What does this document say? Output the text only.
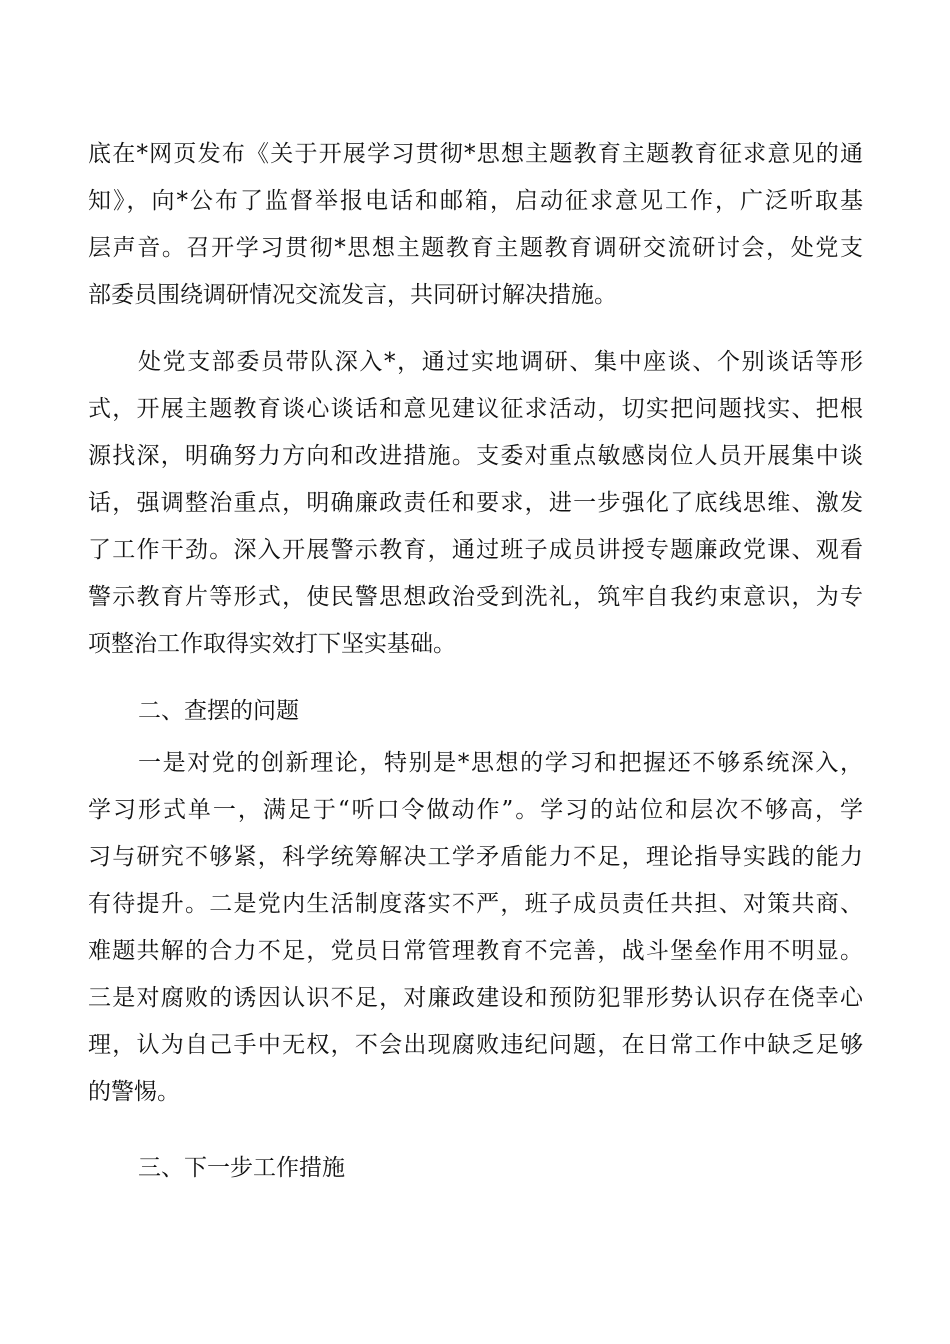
底在*网页发布《关于开展学习贯彻*思想主题教育主题教育征求意见的通
知》，向*公布了监督举报电话和邮箱，启动征求意见工作，广泛听取基
层声音。召开学习贯彻*思想主题教育主题教育调研交流研讨会，处党支
部委员围绕调研情况交流发言，共同研讨解决措施。
处党支部委员带队深入*，通过实地调研、集中座谈、个别谈话等形
式，开展主题教育谈心谈话和意见建议征求活动，切实把问题找实、把根
源找深，明确努力方向和改进措施。支委对重点敏感岗位人员开展集中谈
话，强调整治重点，明确廉政责任和要求，进一步强化了底线思维、激发
了工作干劲。深入开展警示教育，通过班子成员讲授专题廉政党课、观看
警示教育片等形式，使民警思想政治受到洗礼，筑牢自我约束意识，为专
项整治工作取得实效打下坚实基础。
二、查摆的问题
一是对党的创新理论，特别是*思想的学习和把握还不够系统深入，
学习形式单一，满足于“听口令做动作”。学习的站位和层次不够高，学
习与研究不够紧，科学统筹解决工学矛盾能力不足，理论指导实践的能力
有待提升。二是党内生活制度落实不严，班子成员责任共担、对策共商、
难题共解的合力不足，党员日常管理教育不完善，战斗堡垒作用不明显。
三是对腐败的诱因认识不足，对廉政建设和预防犯罪形势认识存在侥幸心
理，认为自己手中无权，不会出现腐败违纪问题，在日常工作中缺乏足够
的警惕。
三、下一步工作措施
